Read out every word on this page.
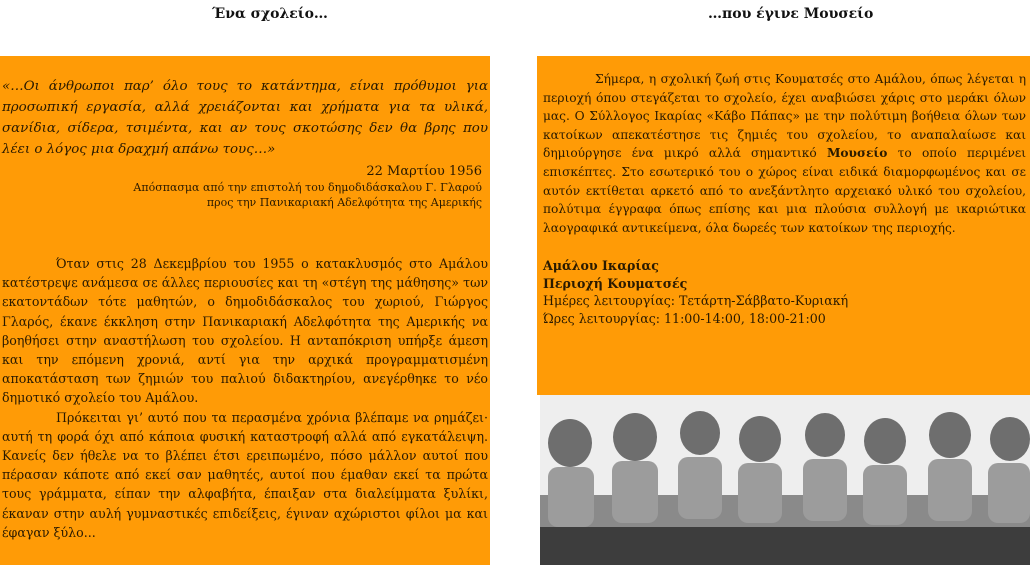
Ένα σχολείο…	…που έγινε Μουσείο

«…Οι άνθρωποι παρ’ όλο τους το κατάντημα, είναι πρόθυμοι για προσωπική εργασία, αλλά χρειάζονται και χρήματα για τα υλικά, σανίδια, σίδερα, τσιμέντα, και αν τους σκοτώσης δεν θα βρης που λέει ο λόγος μια δραχμή απάνω τους…»

22 Μαρτίου 1956
Απόσπασμα από την επιστολή του δημοδιδάσκαλου Γ. Γλαρού
προς την Πανικαριακή Αδελφότητα της Αμερικής

Όταν στις 28 Δεκεμβρίου του 1955 ο κατακλυσμός στο Αμάλου κατέστρεψε ανάμεσα σε άλλες περιουσίες και τη «στέγη της μάθησης» των εκατοντάδων τότε μαθητών, ο δημοδιδάσκαλος του χωριού, Γιώργος Γλαρός, έκανε έκκληση στην Πανικαριακή Αδελφότητα της Αμερικής να βοηθήσει στην αναστήλωση του σχολείου. Η ανταπόκριση υπήρξε άμεση και την επόμενη χρονιά, αντί για την αρχικά προγραμματισμένη αποκατάσταση των ζημιών του παλιού διδακτηρίου, ανεγέρθηκε το νέο δημοτικό σχολείο του Αμάλου.

Πρόκειται γι’ αυτό που τα περασμένα χρόνια βλέπαμε να ρημάζει· αυτή τη φορά όχι από κάποια φυσική καταστροφή αλλά από εγκατάλειψη. Κανείς δεν ήθελε να το βλέπει έτσι ερειπωμένο, πόσο μάλλον αυτοί που πέρασαν κάποτε από εκεί σαν μαθητές, αυτοί που έμαθαν εκεί τα πρώτα τους γράμματα, είπαν την αλφαβήτα, έπαιξαν στα διαλείμματα ξυλίκι, έκαναν στην αυλή γυμναστικές επιδείξεις, έγιναν αχώριστοι φίλοι μα και έφαγαν ξύλο...

Σήμερα, η σχολική ζωή στις Κουματσές στο Αμάλου, όπως λέγεται η περιοχή όπου στεγάζεται το σχολείο, έχει αναβιώσει χάρις στο μεράκι όλων μας. Ο Σύλλογος Ικαρίας «Κάβο Πάπας» με την πολύτιμη βοήθεια όλων των κατοίκων απεκατέστησε τις ζημιές του σχολείου, το αναπαλαίωσε και δημιούργησε ένα μικρό αλλά σημαντικό Μουσείο το οποίο περιμένει επισκέπτες. Στο εσωτερικό του ο χώρος είναι ειδικά διαμορφωμένος και σε αυτόν εκτίθεται αρκετό από το ανεξάντλητο αρχειακό υλικό του σχολείου, πολύτιμα έγγραφα όπως επίσης και μια πλούσια συλλογή με ικαριώτικα λαογραφικά αντικείμενα, όλα δωρεές των κατοίκων της περιοχής.

Αμάλου Ικαρίας
Περιοχή Κουματσές
Ημέρες λειτουργίας: Τετάρτη-Σάββατο-Κυριακή
Ώρες λειτουργίας: 11:00-14:00, 18:00-21:00
